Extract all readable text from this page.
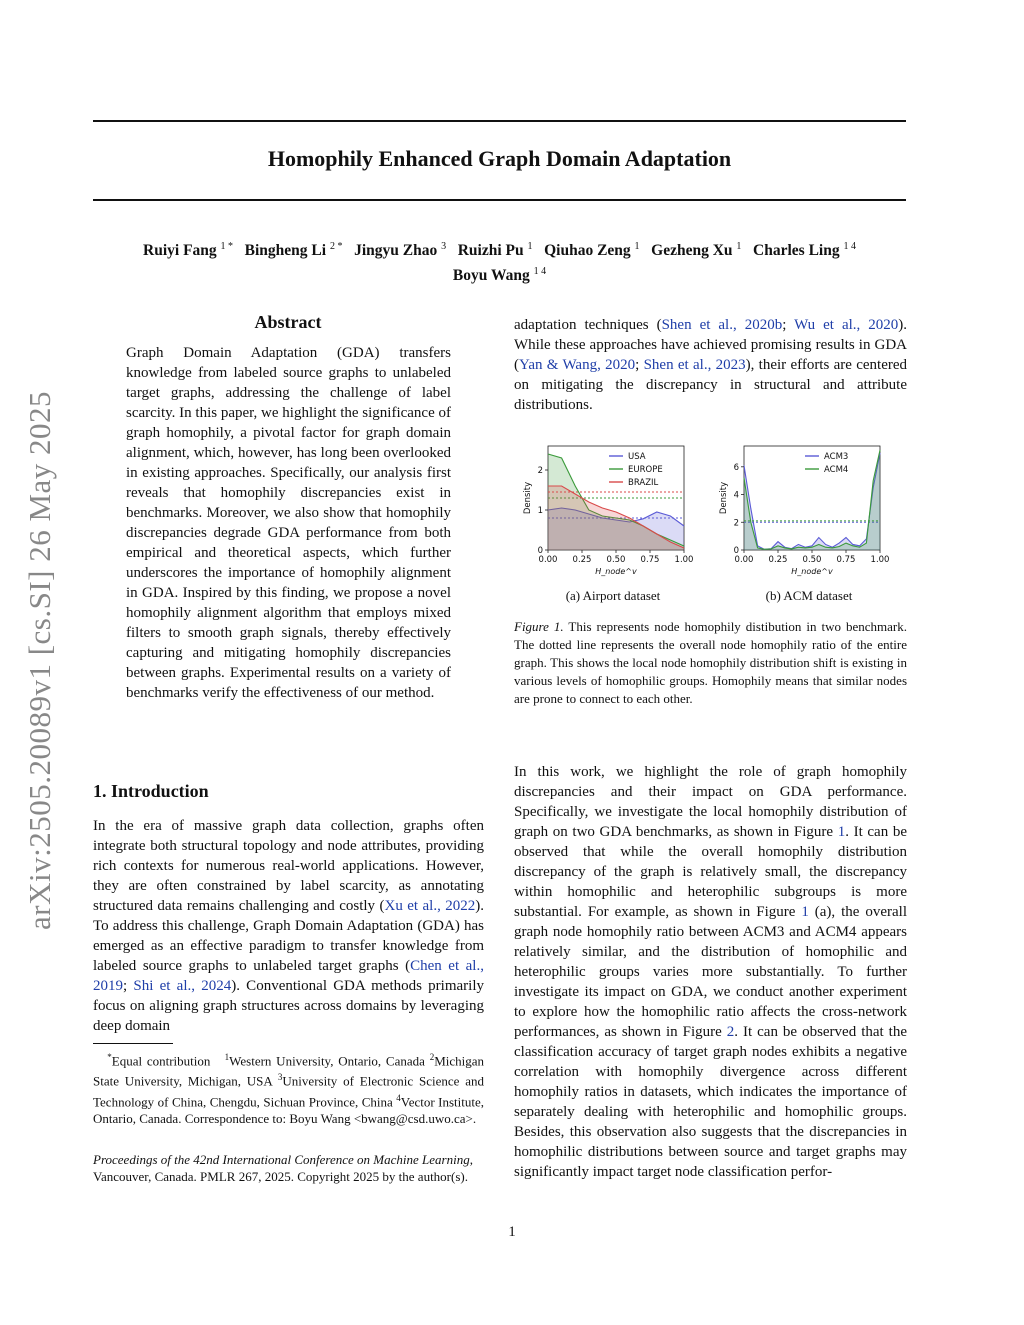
arXiv:2505.20089v1 [cs.SI] 26 May 2025
Homophily Enhanced Graph Domain Adaptation
Ruiyi Fang $^{1 *}$ Bingheng Li $^{2 *}$ Jingyu Zhao $^3$ Ruizhi Pu $^1$ Qiuhao Zeng $^1$ Gezheng Xu $^1$ Charles Ling $^{1 4}$
Boyu Wang $^{1 4}$
Abstract

Graph Domain Adaptation (GDA) transfers knowledge from labeled source graphs to unlabeled target graphs, addressing the challenge of label scarcity. In this paper, we highlight the significance of graph homophily, a pivotal factor for graph domain alignment, which, however, has long been overlooked in existing approaches. Specifically, our analysis first reveals that homophily discrepancies exist in benchmarks. Moreover, we also show that homophily discrepancies degrade GDA performance from both empirical and theoretical aspects, which further underscores the importance of homophily alignment in GDA. Inspired by this finding, we propose a novel homophily alignment algorithm that employs mixed filters to smooth graph signals, thereby effectively capturing and mitigating homophily discrepancies between graphs. Experimental results on a variety of benchmarks verify the effectiveness of our method.

1. Introduction

In the era of massive graph data collection, graphs often integrate both structural topology and node attributes, providing rich contexts for numerous real-world applications. However, they are often constrained by label scarcity, as annotating structured data remains challenging and costly (Xu et al., 2022). To address this challenge, Graph Domain Adaptation (GDA) has emerged as an effective paradigm to transfer knowledge from labeled source graphs to unlabeled target graphs (Chen et al., 2019; Shi et al., 2024). Conventional GDA methods primarily focus on aligning graph structures across domains by leveraging deep domain

adaptation techniques (Shen et al., 2020b; Wu et al., 2020). While these approaches have achieved promising results in GDA (Yan & Wang, 2020; Shen et al., 2023), their efforts are centered on mitigating the discrepancy in structural and attribute distributions.

0.00 0.25 0.50 0.75 1.00
0
1
2
Density
H_node^v
USA
EUROPE
BRAZIL
0.00 0.25 0.50 0.75 1.00
0
2
4
6
Density
H_node^v
ACM3
ACM4
(a) Airport dataset	(b) ACM dataset
Figure 1. This represents node homophily distibution in two benchmark. The dotted line represents the overall node homophily ratio of the entire graph. This shows the local node homophily distribution shift is existing in various levels of homophilic groups. Homophily means that similar nodes are prone to connect to each other.

In this work, we highlight the role of graph homophily discrepancies and their impact on GDA performance. Specifically, we investigate the local homophily distribution of graph on two GDA benchmarks, as shown in Figure 1. It can be observed that while the overall homophily distribution discrepancy of the graph is relatively small, the discrepancy within homophilic and heterophilic subgroups is more substantial. For example, as shown in Figure 1 (a), the overall graph node homophily ratio between ACM3 and ACM4 appears relatively similar, and the distribution of homophilic and heterophilic groups varies more substantially. To further investigate its impact on GDA, we conduct another experiment to explore how the homophilic ratio affects the cross-network performances, as shown in Figure 2. It can be observed that the classification accuracy of target graph nodes exhibits a negative correlation with homophily divergence across different homophily ratios in datasets, which indicates the importance of separately dealing with heterophilic and homophilic groups. Besides, this observation also suggests that the discrepancies in homophilic distributions between source and target graphs may significantly impact target node classification perfor-

*Equal contribution $^1$Western University, Ontario, Canada $^2$Michigan State University, Michigan, USA $^3$University of Electronic Science and Technology of China, Chengdu, Sichuan Province, China $^4$Vector Institute, Ontario, Canada. Correspondence to: Boyu Wang <bwang@csd.uwo.ca>.
Proceedings of the 42nd International Conference on Machine Learning, Vancouver, Canada. PMLR 267, 2025. Copyright 2025 by the author(s).
1
